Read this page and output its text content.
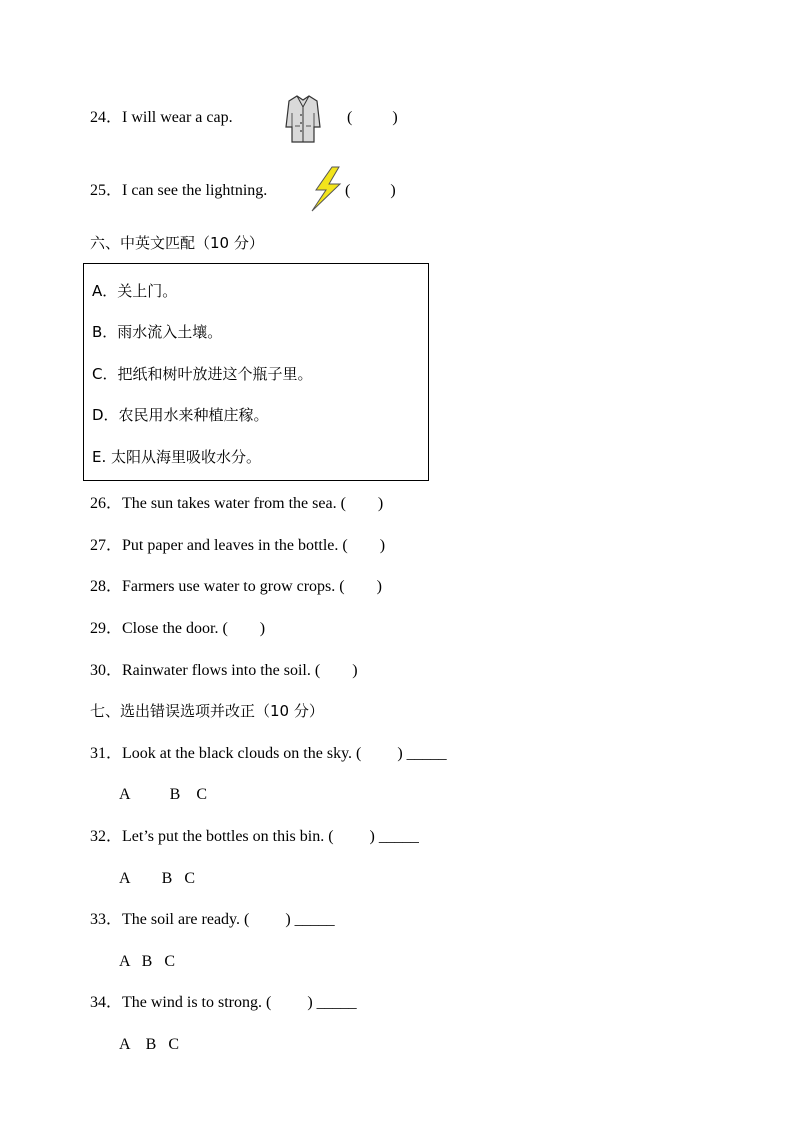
24．I will wear a cap.	(          )
25．I can see the lightning.	(          )
六、中英文匹配（10 分）
A．关上门。
B．雨水流入土壤。
C．把纸和树叶放进这个瓶子里。
D．农民用水来种植庄稼。
E. 太阳从海里吸收水分。
26．The sun takes water from the sea. (        )
27．Put paper and leaves in the bottle. (        )
28．Farmers use water to grow crops. (        )
29．Close the door. (        )
30．Rainwater flows into the soil. (        )
七、选出错误选项并改正（10 分）
31．Look at the black clouds on the sky. (         ) _____
A          B    C
32．Let’s put the bottles on this bin. (         ) _____
A        B   C
33．The soil are ready. (         ) _____
A   B   C
34．The wind is to strong. (         ) _____
A    B   C
